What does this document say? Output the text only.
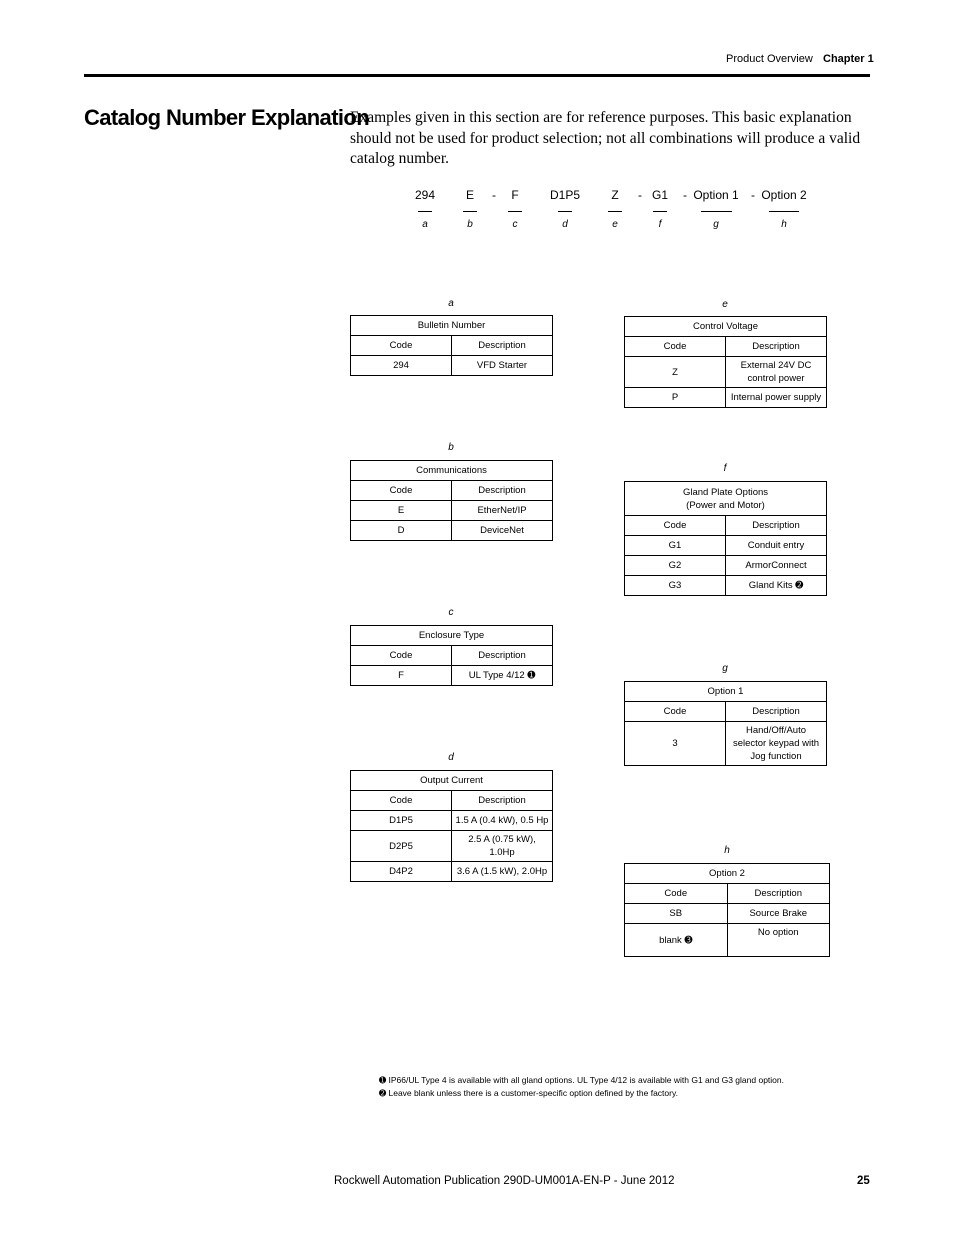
Product Overview Chapter 1
Catalog Number Explanation
Examples given in this section are for reference purposes. This basic explanation should not be used for product selection; not all combinations will produce a valid catalog number.
294	E	-	F	D1P5	Z	- G1	- Option 1	- Option 2
a	b	c	d	e	f	g	h
a
Bulletin Number	
Code	Description
294	VFD Starter
b
Communications	
Code	Description
E	EtherNet/IP
D	DeviceNet
c
Enclosure Type	
Code	Description
F	UL Type 4/12 ➊
d
Output Current	
Code	Description
D1P5	1.5 A (0.4 kW), 0.5 Hp
D2P5	2.5 A (0.75 kW), 1.0Hp
D4P2	3.6 A (1.5 kW), 2.0Hp
e
Control Voltage	
Code	Description
Z	External 24V DC control power
P	Internal power supply
f
Gland Plate Options
(Power and Motor)	
Code	Description
G1	Conduit entry
G2	ArmorConnect
G3	Gland Kits ➋
g
Option 1	
Code	Description
3	Hand/Off/Auto selector keypad with Jog function
h
Option 2	
Code	Description
SB	Source Brake
blank ➌	No option
➊ IP66/UL Type 4 is available with all gland options. UL Type 4/12 is available with G1 and G3 gland option.
➋ Leave blank unless there is a customer-specific option defined by the factory.
Rockwell Automation Publication 290D-UM001A-EN-P - June 2012	25
